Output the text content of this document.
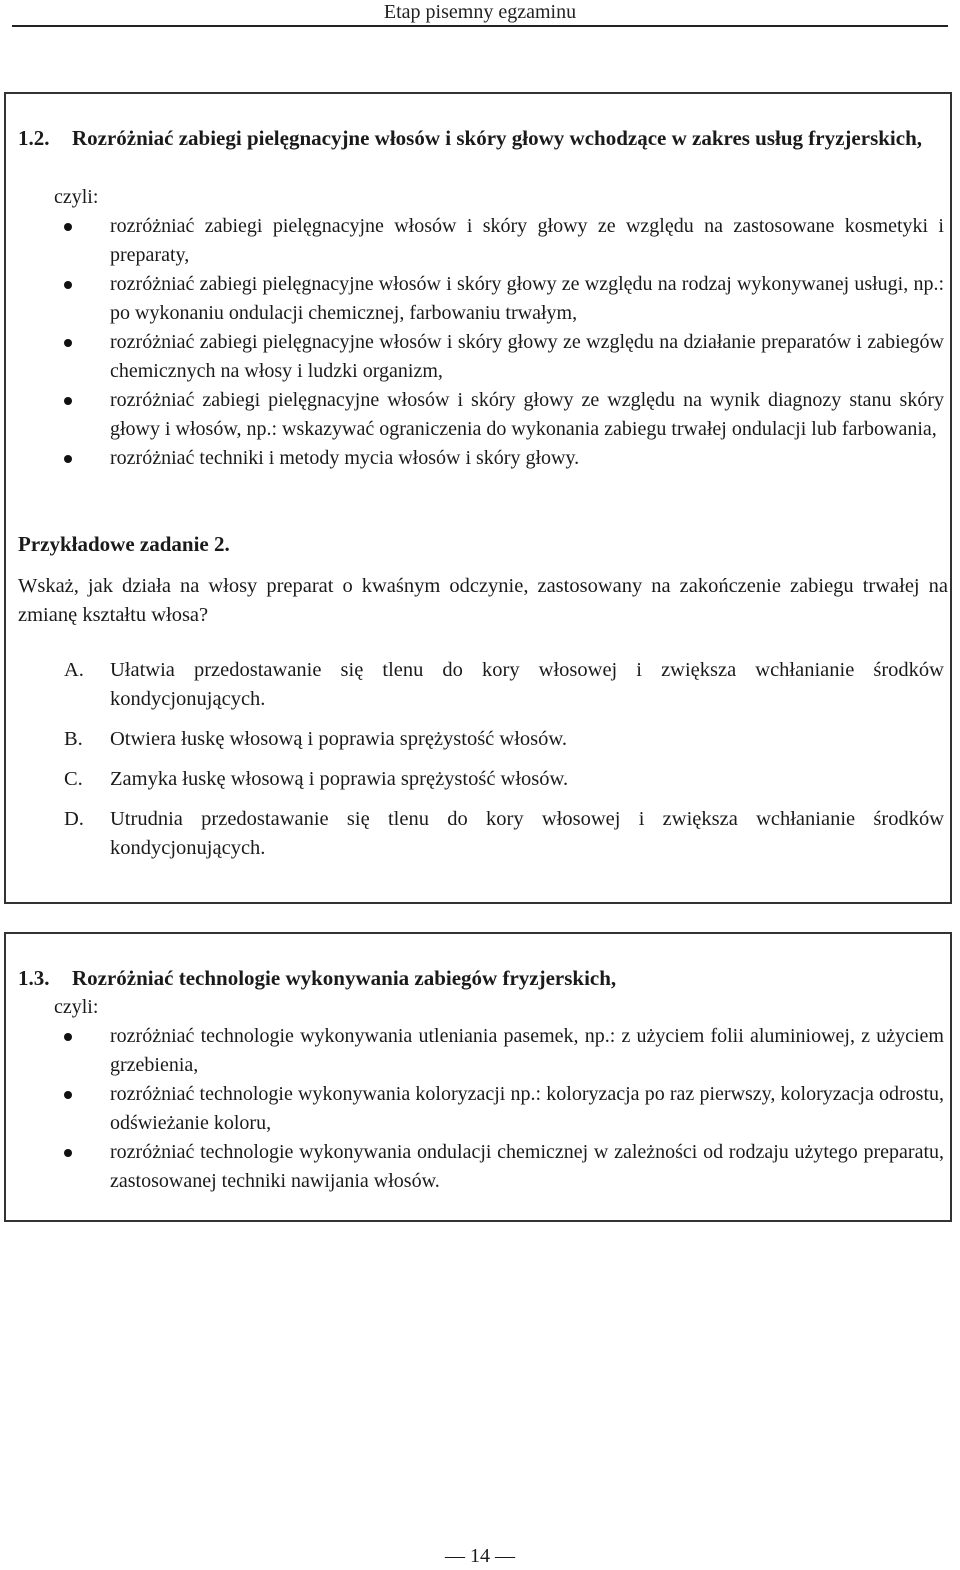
Etap pisemny egzaminu
1.2. Rozróżniać zabiegi pielęgnacyjne włosów i skóry głowy wchodzące w zakres usług fryzjerskich,
czyli:
rozróżniać zabiegi pielęgnacyjne włosów i skóry głowy ze względu na zastosowane kosmetyki i preparaty,
rozróżniać zabiegi pielęgnacyjne włosów i skóry głowy ze względu na rodzaj wykonywanej usługi, np.: po wykonaniu ondulacji chemicznej, farbowaniu trwałym,
rozróżniać zabiegi pielęgnacyjne włosów i skóry głowy ze względu na działanie preparatów i zabiegów chemicznych na włosy i ludzki organizm,
rozróżniać zabiegi pielęgnacyjne włosów i skóry głowy ze względu na wynik diagnozy stanu skóry głowy i włosów, np.: wskazywać ograniczenia do wykonania zabiegu trwałej ondulacji lub farbowania,
rozróżniać techniki i metody mycia włosów i skóry głowy.
Przykładowe zadanie 2.
Wskaż, jak działa na włosy preparat o kwaśnym odczynie, zastosowany na zakończenie zabiegu trwałej na zmianę kształtu włosa?
A. Ułatwia przedostawanie się tlenu do kory włosowej i zwiększa wchłanianie środków kondycjonujących.
B. Otwiera łuskę włosową i poprawia sprężystość włosów.
C. Zamyka łuskę włosową i poprawia sprężystość włosów.
D. Utrudnia przedostawanie się tlenu do kory włosowej i zwiększa wchłanianie środków kondycjonujących.
1.3. Rozróżniać technologie wykonywania zabiegów fryzjerskich,
czyli:
rozróżniać technologie wykonywania utleniania pasemek, np.: z użyciem folii aluminiowej, z użyciem grzebienia,
rozróżniać technologie wykonywania koloryzacji np.: koloryzacja po raz pierwszy, koloryzacja odrostu, odświeżanie koloru,
rozróżniać technologie wykonywania ondulacji chemicznej w zależności od rodzaju użytego preparatu, zastosowanej techniki nawijania włosów.
— 14 —
